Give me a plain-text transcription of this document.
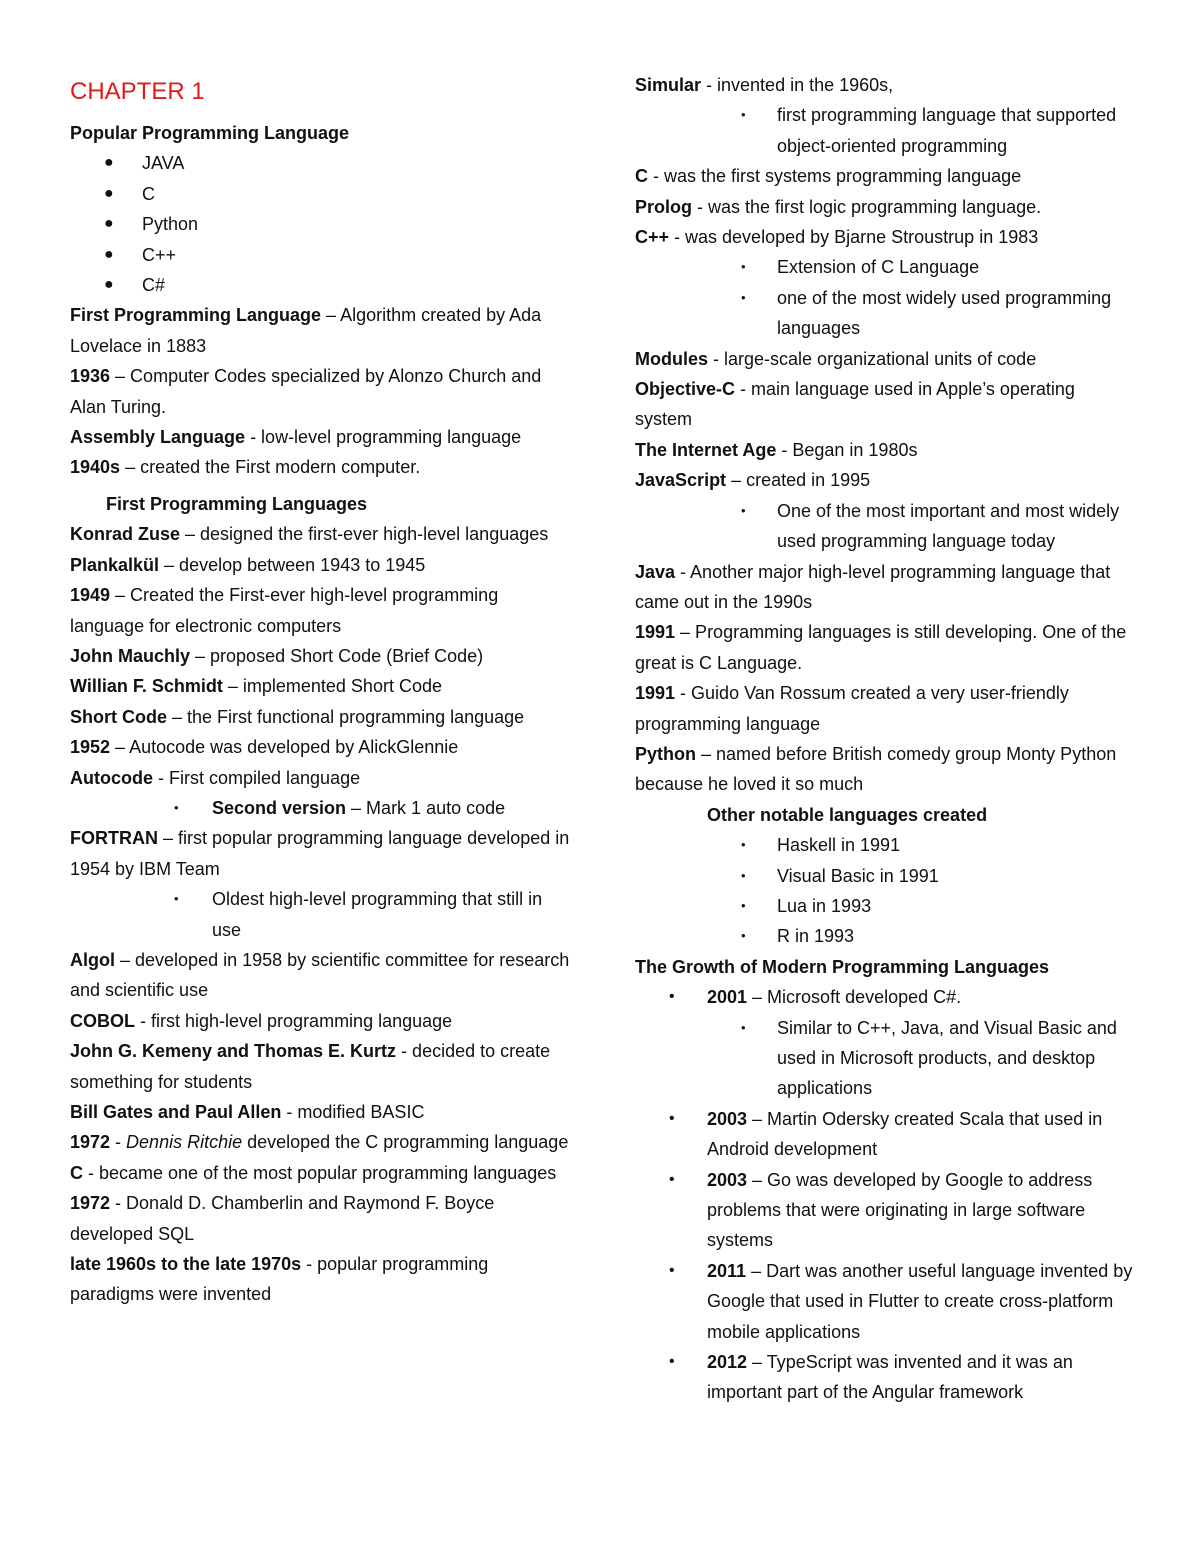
CHAPTER 1
Popular Programming Language
● JAVA
● C
● Python
● C++
● C#

First Programming Language – Algorithm created by Ada Lovelace in 1883

1936 – Computer Codes specialized by Alonzo Church and Alan Turing.

Assembly Language - low-level programming language

1940s – created the First modern computer.

First Programming Languages

Konrad Zuse – designed the first-ever high-level languages

Plankalkül – develop between 1943 to 1945

1949 – Created the First-ever high-level programming language for electronic computers

John Mauchly – proposed Short Code (Brief Code)

Willian F. Schmidt – implemented Short Code

Short Code – the First functional programming language

1952 – Autocode was developed by AlickGlennie

Autocode - First compiled language

• Second version – Mark 1 auto code

FORTRAN – first popular programming language developed in 1954 by IBM Team

• Oldest high-level programming that still in use

Algol – developed in 1958 by scientific committee for research and scientific use

COBOL - first high-level programming language

John G. Kemeny and Thomas E. Kurtz - decided to create something for students

Bill Gates and Paul Allen - modified BASIC

1972 - Dennis Ritchie developed the C programming language

C - became one of the most popular programming languages

1972 - Donald D. Chamberlin and Raymond F. Boyce developed SQL

late 1960s to the late 1970s - popular programming paradigms were invented

Simular - invented in the 1960s,

• first programming language that supported object-oriented programming

C - was the first systems programming language

Prolog - was the first logic programming language.

C++ - was developed by Bjarne Stroustrup in 1983

• Extension of C Language
• one of the most widely used programming languages

Modules - large-scale organizational units of code

Objective-C - main language used in Apple’s operating system

The Internet Age - Began in 1980s

JavaScript – created in 1995

• One of the most important and most widely used programming language today

Java - Another major high-level programming language that came out in the 1990s

1991 – Programming languages is still developing. One of the great is C Language.

1991 - Guido Van Rossum created a very user-friendly programming language

Python – named before British comedy group Monty Python because he loved it so much

Other notable languages created
• Haskell in 1991
• Visual Basic in 1991
• Lua in 1993
• R in 1993
The Growth of Modern Programming Languages
• 2001 – Microsoft developed C#.
• Similar to C++, Java, and Visual Basic and used in Microsoft products, and desktop applications
• 2003 – Martin Odersky created Scala that used in Android development
• 2003 – Go was developed by Google to address problems that were originating in large software systems
• 2011 – Dart was another useful language invented by Google that used in Flutter to create cross-platform mobile applications
• 2012 – TypeScript was invented and it was an important part of the Angular framework
